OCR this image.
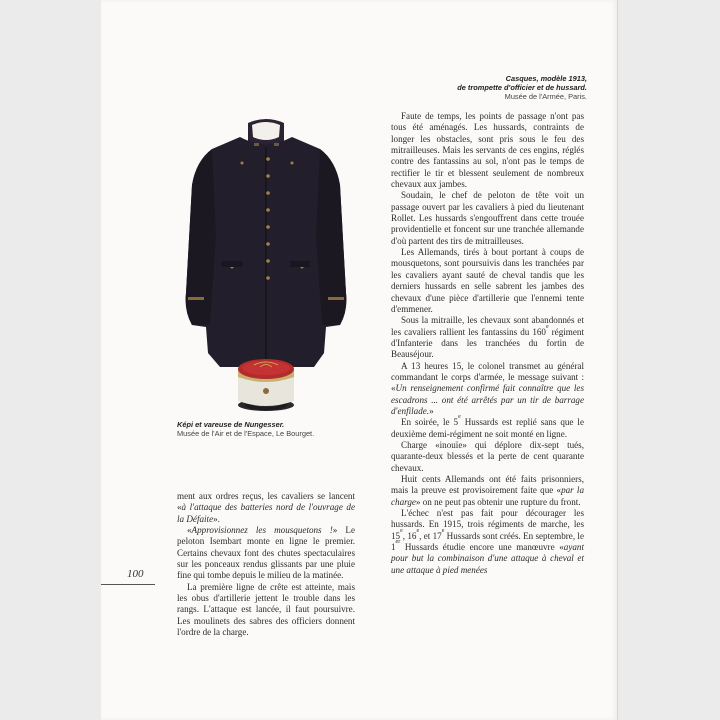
Casques, modèle 1913,
de trompette d'officier et de hussard.
Musée de l'Armée, Paris.
Képi et vareuse de Nungesser.
Musée de l'Air et de l'Espace, Le Bourget.

ment aux ordres reçus, les cavaliers se lancent «à l'attaque des batteries nord de l'ouvrage de la Défaite».

«Approvisionnez les mousquetons !» Le peloton Isembart monte en ligne le premier. Certains chevaux font des chutes spectaculaires sur les ponceaux rendus glissants par une pluie fine qui tombe depuis le milieu de la matinée.

La première ligne de crête est atteinte, mais les obus d'artillerie jettent le trouble dans les rangs. L'attaque est lancée, il faut poursuivre. Les moulinets des sabres des officiers donnent l'ordre de la charge.

Faute de temps, les points de passage n'ont pas tous été aménagés. Les hussards, contraints de longer les obstacles, sont pris sous le feu des mitrailleuses. Mais les servants de ces engins, réglés contre des fantassins au sol, n'ont pas le temps de rectifier le tir et blessent seulement de nombreux chevaux aux jambes.

Soudain, le chef de peloton de tête voit un passage ouvert par les cavaliers à pied du lieutenant Rollet. Les hussards s'engouffrent dans cette trouée providentielle et foncent sur une tranchée allemande d'où partent des tirs de mitrailleuses.

Les Allemands, tirés à bout portant à coups de mousquetons, sont poursuivis dans les tranchées par les cavaliers ayant sauté de cheval tandis que les derniers hussards en selle sabrent les jambes des chevaux d'une pièce d'artillerie que l'ennemi tente d'emmener.

Sous la mitraille, les chevaux sont abandonnés et les cavaliers rallient les fantassins du 160e régiment d'Infanterie dans les tranchées du fortin de Beauséjour.

A 13 heures 15, le colonel transmet au général commandant le corps d'armée, le message suivant : «Un renseignement confirmé fait connaître que les escadrons ... ont été arrêtés par un tir de barrage d'enfilade.»

En soirée, le 5e Hussards est replié sans que le deuxième demi-régiment ne soit monté en ligne.

Charge «inouïe» qui déplore dix-sept tués, quarante-deux blessés et la perte de cent quarante chevaux.

Huit cents Allemands ont été faits prisonniers, mais la preuve est provisoirement faite que «par la charge» on ne peut pas obtenir une rupture du front.

L'échec n'est pas fait pour décourager les hussards. En 1915, trois régiments de marche, les 15e, 16e, et 17e Hussards sont créés. En septembre, le 1er Hussards étudie encore une manœuvre «ayant pour but la combinaison d'une attaque à cheval et une attaque à pied menées

100
